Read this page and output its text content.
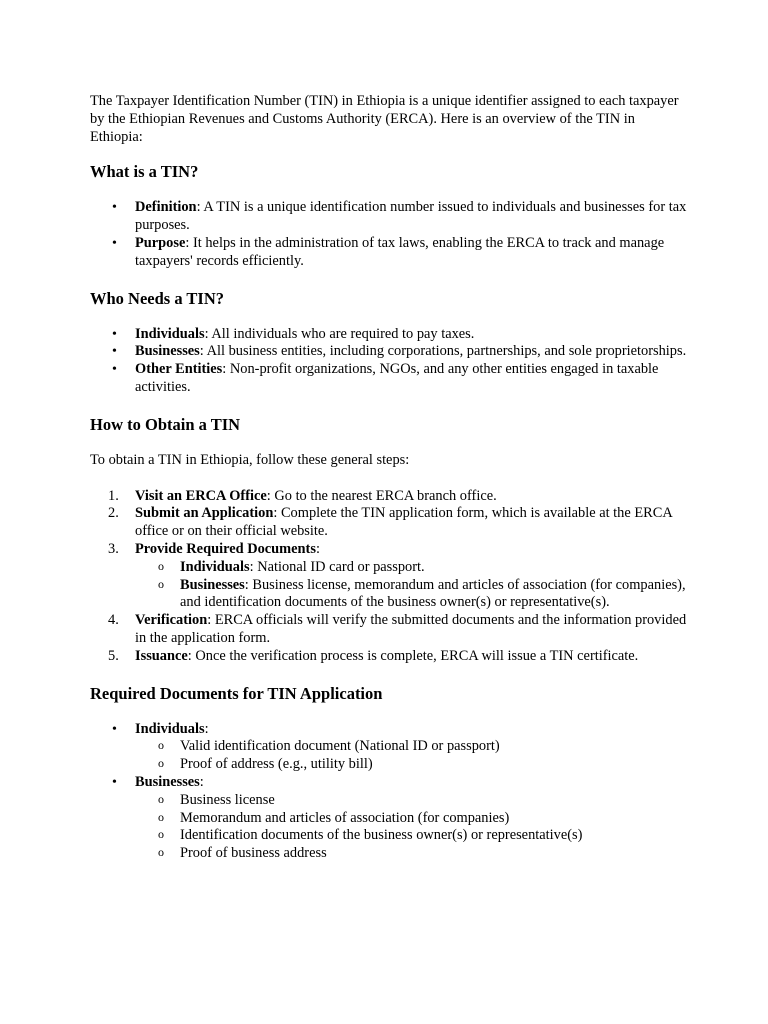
The Taxpayer Identification Number (TIN) in Ethiopia is a unique identifier assigned to each taxpayer by the Ethiopian Revenues and Customs Authority (ERCA). Here is an overview of the TIN in Ethiopia:

What is a TIN?
• Definition: A TIN is a unique identification number issued to individuals and businesses for tax purposes.
• Purpose: It helps in the administration of tax laws, enabling the ERCA to track and manage taxpayers' records efficiently.
Who Needs a TIN?
• Individuals: All individuals who are required to pay taxes.
• Businesses: All business entities, including corporations, partnerships, and sole proprietorships.
• Other Entities: Non-profit organizations, NGOs, and any other entities engaged in taxable activities.
How to Obtain a TIN

To obtain a TIN in Ethiopia, follow these general steps:

1. Visit an ERCA Office: Go to the nearest ERCA branch office.
2. Submit an Application: Complete the TIN application form, which is available at the ERCA office or on their official website.
3. Provide Required Documents:
o Individuals: National ID card or passport.
o Businesses: Business license, memorandum and articles of association (for companies), and identification documents of the business owner(s) or representative(s).
4. Verification: ERCA officials will verify the submitted documents and the information provided in the application form.
5. Issuance: Once the verification process is complete, ERCA will issue a TIN certificate.
Required Documents for TIN Application
• Individuals:
o Valid identification document (National ID or passport)
o Proof of address (e.g., utility bill)
• Businesses:
o Business license
o Memorandum and articles of association (for companies)
o Identification documents of the business owner(s) or representative(s)
o Proof of business address
